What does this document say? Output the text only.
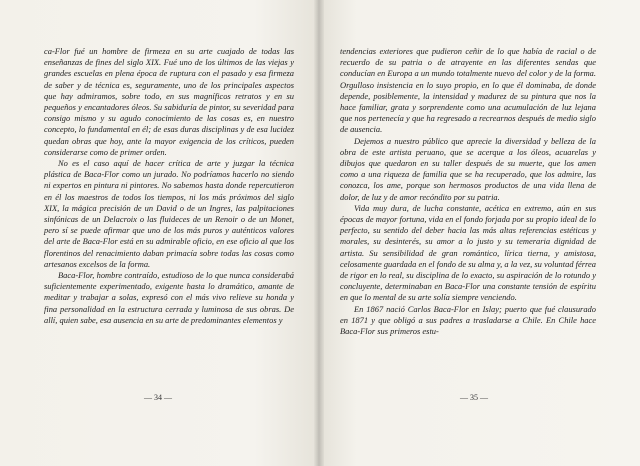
ca-Flor fué un hombre de firmeza en su arte cuajado de todas las enseñanzas de fines del siglo XIX. Fué uno de los últimos de las viejas y grandes escuelas en plena época de ruptura con el pasado y esa firmeza de saber y de técnica es, seguramente, uno de los principales aspectos que hay admiramos, sobre todo, en sus magníficos retratos y en su pequeños y encantadores óleos. Su sabiduría de pintor, su severidad para consigo mismo y su agudo conocimiento de las cosas es, en nuestro concepto, lo fundamental en él; de esas duras disciplinas y de esa lucidez quedan obras que hoy, ante la mayor exigencia de los críticos, pueden considerarse como de primer orden.

No es el caso aquí de hacer crítica de arte y juzgar la técnica plástica de Baca-Flor como un jurado. No podríamos hacerlo no siendo ni expertos en pintura ni pintores. No sabemos hasta donde repercutieron en él los maestros de todos los tiempos, ni los más próximos del siglo XIX, la mágica precisión de un David o de un Ingres, las palpitaciones sinfónicas de un Delacroix o las fluideces de un Renoir o de un Monet, pero sí se puede afirmar que uno de los más puros y auténticos valores del arte de Baca-Flor está en su admirable oficio, en ese oficio al que los florentinos del renacimiento daban primacía sobre todas las cosas como artesanos excelsos de la forma.

Baca-Flor, hombre contraído, estudioso de lo que nunca considerabá suficientemente experimentado, exigente hasta lo dramático, amante de meditar y trabajar a solas, expresó con el más vivo relieve su honda y fina personalidad en la estructura cerrada y luminosa de sus obras. De allí, quien sabe, esa ausencia en su arte de predominantes elementos y

— 34 —

tendencias exteriores que pudieron ceñir de lo que había de racial o de recuerdo de su patria o de atrayente en las diferentes sendas que conducían en Europa a un mundo totalmente nuevo del color y de la forma. Orgulloso insistencia en lo suyo propio, en lo que él dominaba, de donde depende, posiblemente, la intensidad y madurez de su pintura que nos la hace familiar, grata y sorprendente como una acumulación de luz lejana que nos pertenecía y que ha regresado a recrearnos después de medio siglo de ausencia.

Dejemos a nuestro público que aprecie la diversidad y belleza de la obra de este artista peruano, que se acerque a los óleos, acuarelas y dibujos que quedaron en su taller después de su muerte, que los amen como a una riqueza de familia que se ha recuperado, que los admire, las conozca, los ame, porque son hermosos productos de una vida llena de dolor, de luz y de amor recóndito por su patria.

Vida muy dura, de lucha constante, acética en extremo, aún en sus épocas de mayor fortuna, vida en el fondo forjada por su propio ideal de lo perfecto, su sentido del deber hacia las más altas referencias estéticas y morales, su desinterés, su amor a lo justo y su temeraria dignidad de artista. Su sensibilidad de gran romántico, lírica tierna, y amistosa, celosamente guardada en el fondo de su alma y, a la vez, su voluntad férrea de rigor en lo real, su disciplina de lo exacto, su aspiración de lo rotundo y concluyente, determinaban en Baca-Flor una constante tensión de espíritu en que lo mental de su arte solía siempre venciendo.

En 1867 nació Carlos Baca-Flor en Islay; puerto que fué clausurado en 1871 y que obligó a sus padres a trasladarse a Chile. En Chile hace Baca-Flor sus primeros estu-

— 35 —
